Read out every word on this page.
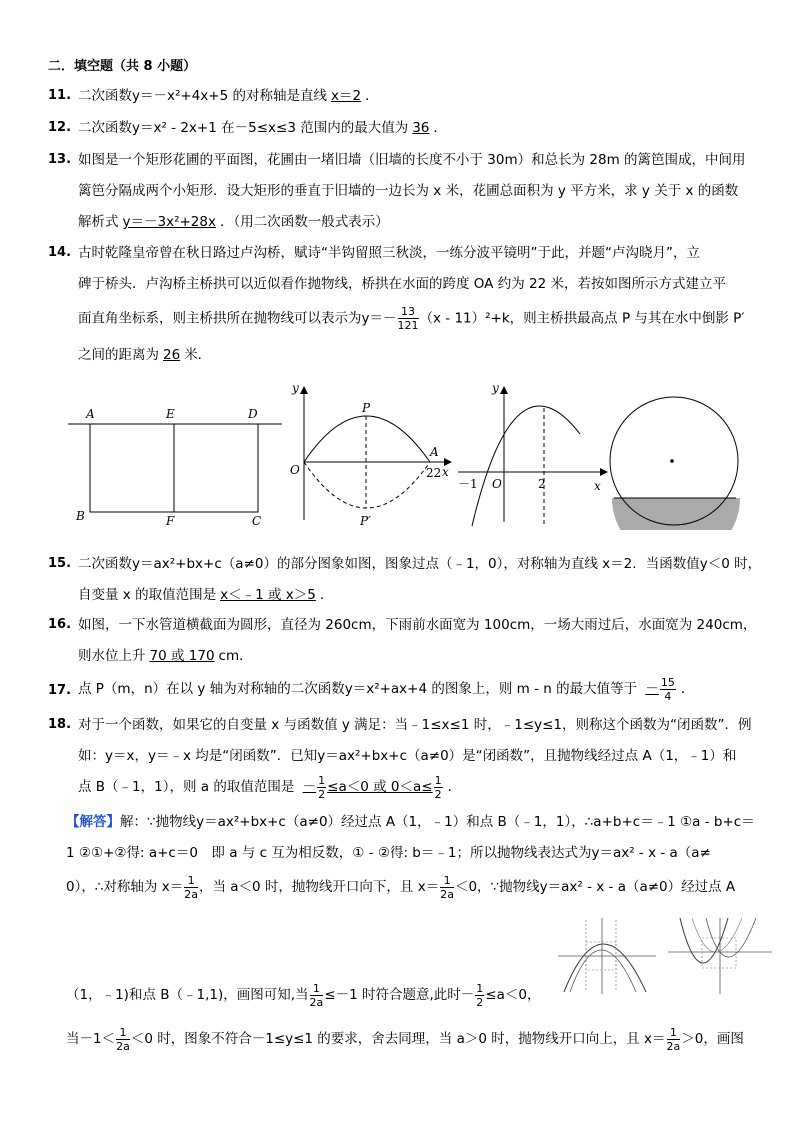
二．填空题（共 8 小题）
11. 二次函数y＝－x²+4x+5 的对称轴是直线 x＝2 ．
12. 二次函数y＝x² - 2x+1 在－5≤x≤3 范围内的最大值为 36 ．
13. 如图是一个矩形花圃的平面图，花圃由一堵旧墙（旧墙的长度不小于 30m）和总长为 28m 的篱笆围成，中间用
篱笆分隔成两个小矩形．设大矩形的垂直于旧墙的一边长为 x 米，花圃总面积为 y 平方米，求 y 关于 x 的函数
解析式 y＝－3x²+28x ．（用二次函数一般式表示）
14. 古时乾隆皇帝曾在秋日路过卢沟桥，赋诗“半钩留照三秋淡，一练分波平镜明”于此，并题“卢沟晓月”，立
碑于桥头．卢沟桥主桥拱可以近似看作抛物线，桥拱在水面的跨度 OA 约为 22 米，若按如图所示方式建立平
面直角坐标系，则主桥拱所在抛物线可以表示为$y=- \frac{13}{121} (x - 11)^2+k$，则主桥拱最高点 P 与其在水中倒影 P′
之间的距离为 26 米．
A	E	D
B	F	C
y
P
O
A
22 x
P′
y
－1 O	2	x
15. 二次函数y＝ax²+bx+c（a≠0）的部分图象如图，图象过点（﹣1，0），对称轴为直线 x＝2．当函数值y＜0 时，
自变量 x 的取值范围是 x＜﹣1 或 x＞5 ．
16. 如图，一下水管道横截面为圆形，直径为 260cm，下雨前水面宽为 100cm，一场大雨过后，水面宽为 240cm，
则水位上升 70 或 170 cm．
17. 点 P（m，n）在以 y 轴为对称轴的二次函数y＝x²+ax+4 的图象上，则 m - n 的最大值等于 － $\frac{15}{4}$ ．
18. 对于一个函数，如果它的自变量 x 与函数值 y 满足：当﹣1≤x≤1 时，﹣1≤y≤1，则称这个函数为“闭函数”．例
如：y＝x，y＝﹣x 均是“闭函数”．已知y＝ax²+bx+c（a≠0）是“闭函数”，且抛物线经过点 A（1，﹣1）和
点 B（﹣1，1），则 a 的取值范围是 － $\frac{1}{2} \le a<0$ 或 $0<a\le \frac{1}{2}$ ．
【解答】解：∵抛物线y＝ax²+bx+c（a≠0）经过点 A（1，﹣1）和点 B（﹣1，1），∴a+b+c＝﹣1 ①a - b+c＝
1 ②①+②得: a+c＝0　即 a 与 c 互为相反数，① - ②得: b＝﹣1；所以抛物线表达式为y＝ax² - x - a（a≠
0），∴对称轴为 $x= \frac{1}{2a}$ ，当 a＜0 时，抛物线开口向下，且 $x= \frac{1}{2a} <0$，∵抛物线y＝ax² - x - a（a≠0）经过点 A
（1，﹣1)和点 B（﹣1,1)，画图可知,当 $\frac{1}{2a} \le-1$ 时符合题意,此时－ $\frac{1}{2} \le a<0$，
当$-1< \frac{1}{2a} <0$ 时，图象不符合－1≤y≤1 的要求，舍去同理，当 a＞0 时，抛物线开口向上，且 $x= \frac{1}{2a} >0$，画图
